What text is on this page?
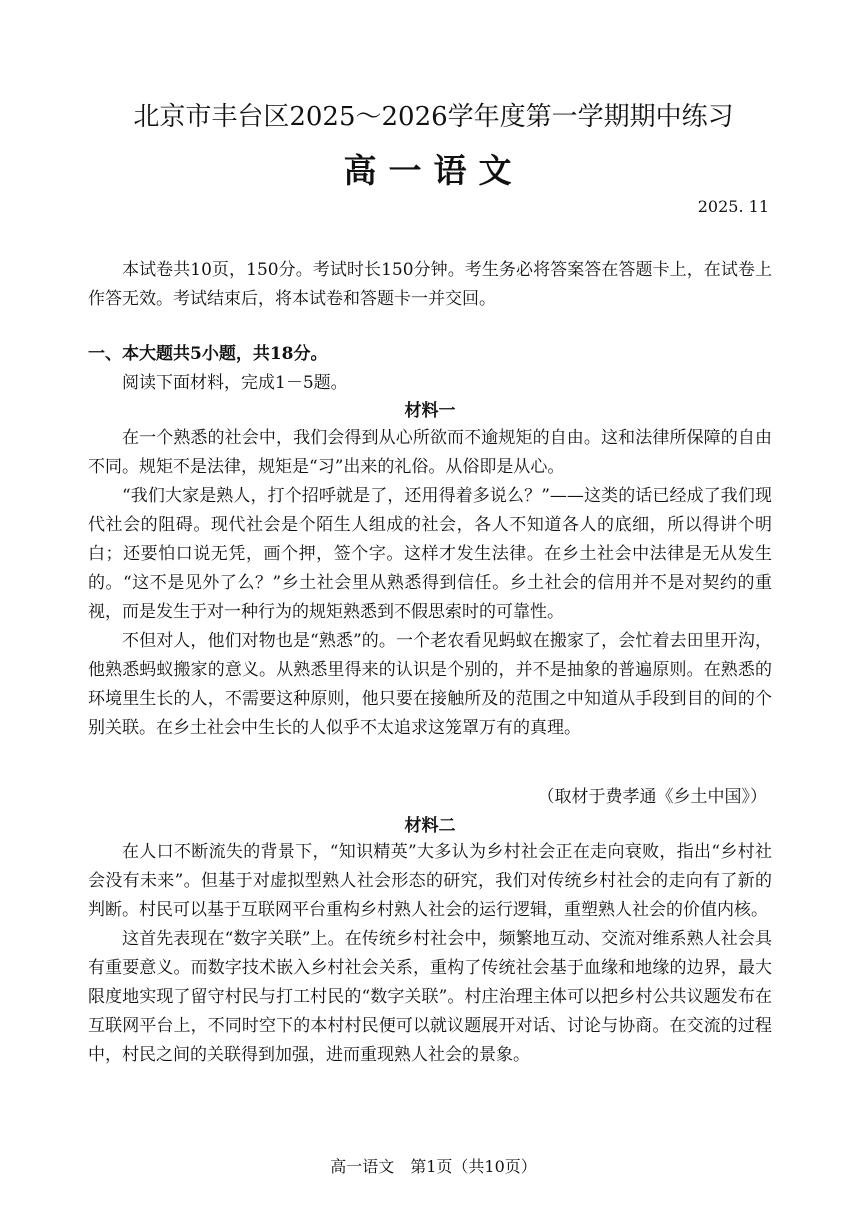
北京市丰台区2025～2026学年度第一学期期中练习
高一语文
2025. 11

本试卷共10页，150分。考试时长150分钟。考生务必将答案答在答题卡上，在试卷上作答无效。考试结束后，将本试卷和答题卡一并交回。

一、本大题共5小题，共18分。

阅读下面材料，完成1－5题。

材料一

在一个熟悉的社会中，我们会得到从心所欲而不逾规矩的自由。这和法律所保障的自由不同。规矩不是法律，规矩是“习”出来的礼俗。从俗即是从心。

“我们大家是熟人，打个招呼就是了，还用得着多说么？”——这类的话已经成了我们现代社会的阻碍。现代社会是个陌生人组成的社会，各人不知道各人的底细，所以得讲个明白；还要怕口说无凭，画个押，签个字。这样才发生法律。在乡土社会中法律是无从发生的。“这不是见外了么？”乡土社会里从熟悉得到信任。乡土社会的信用并不是对契约的重视，而是发生于对一种行为的规矩熟悉到不假思索时的可靠性。

不但对人，他们对物也是“熟悉”的。一个老农看见蚂蚁在搬家了，会忙着去田里开沟，他熟悉蚂蚁搬家的意义。从熟悉里得来的认识是个别的，并不是抽象的普遍原则。在熟悉的环境里生长的人，不需要这种原则，他只要在接触所及的范围之中知道从手段到目的间的个别关联。在乡土社会中生长的人似乎不太追求这笼罩万有的真理。

（取材于费孝通《乡土中国》）

材料二

在人口不断流失的背景下，“知识精英”大多认为乡村社会正在走向衰败，指出“乡村社会没有未来”。但基于对虚拟型熟人社会形态的研究，我们对传统乡村社会的走向有了新的判断。村民可以基于互联网平台重构乡村熟人社会的运行逻辑，重塑熟人社会的价值内核。

这首先表现在“数字关联”上。在传统乡村社会中，频繁地互动、交流对维系熟人社会具有重要意义。而数字技术嵌入乡村社会关系，重构了传统社会基于血缘和地缘的边界，最大限度地实现了留守村民与打工村民的“数字关联”。村庄治理主体可以把乡村公共议题发布在互联网平台上，不同时空下的本村村民便可以就议题展开对话、讨论与协商。在交流的过程中，村民之间的关联得到加强，进而重现熟人社会的景象。

高一语文　第1页（共10页）
